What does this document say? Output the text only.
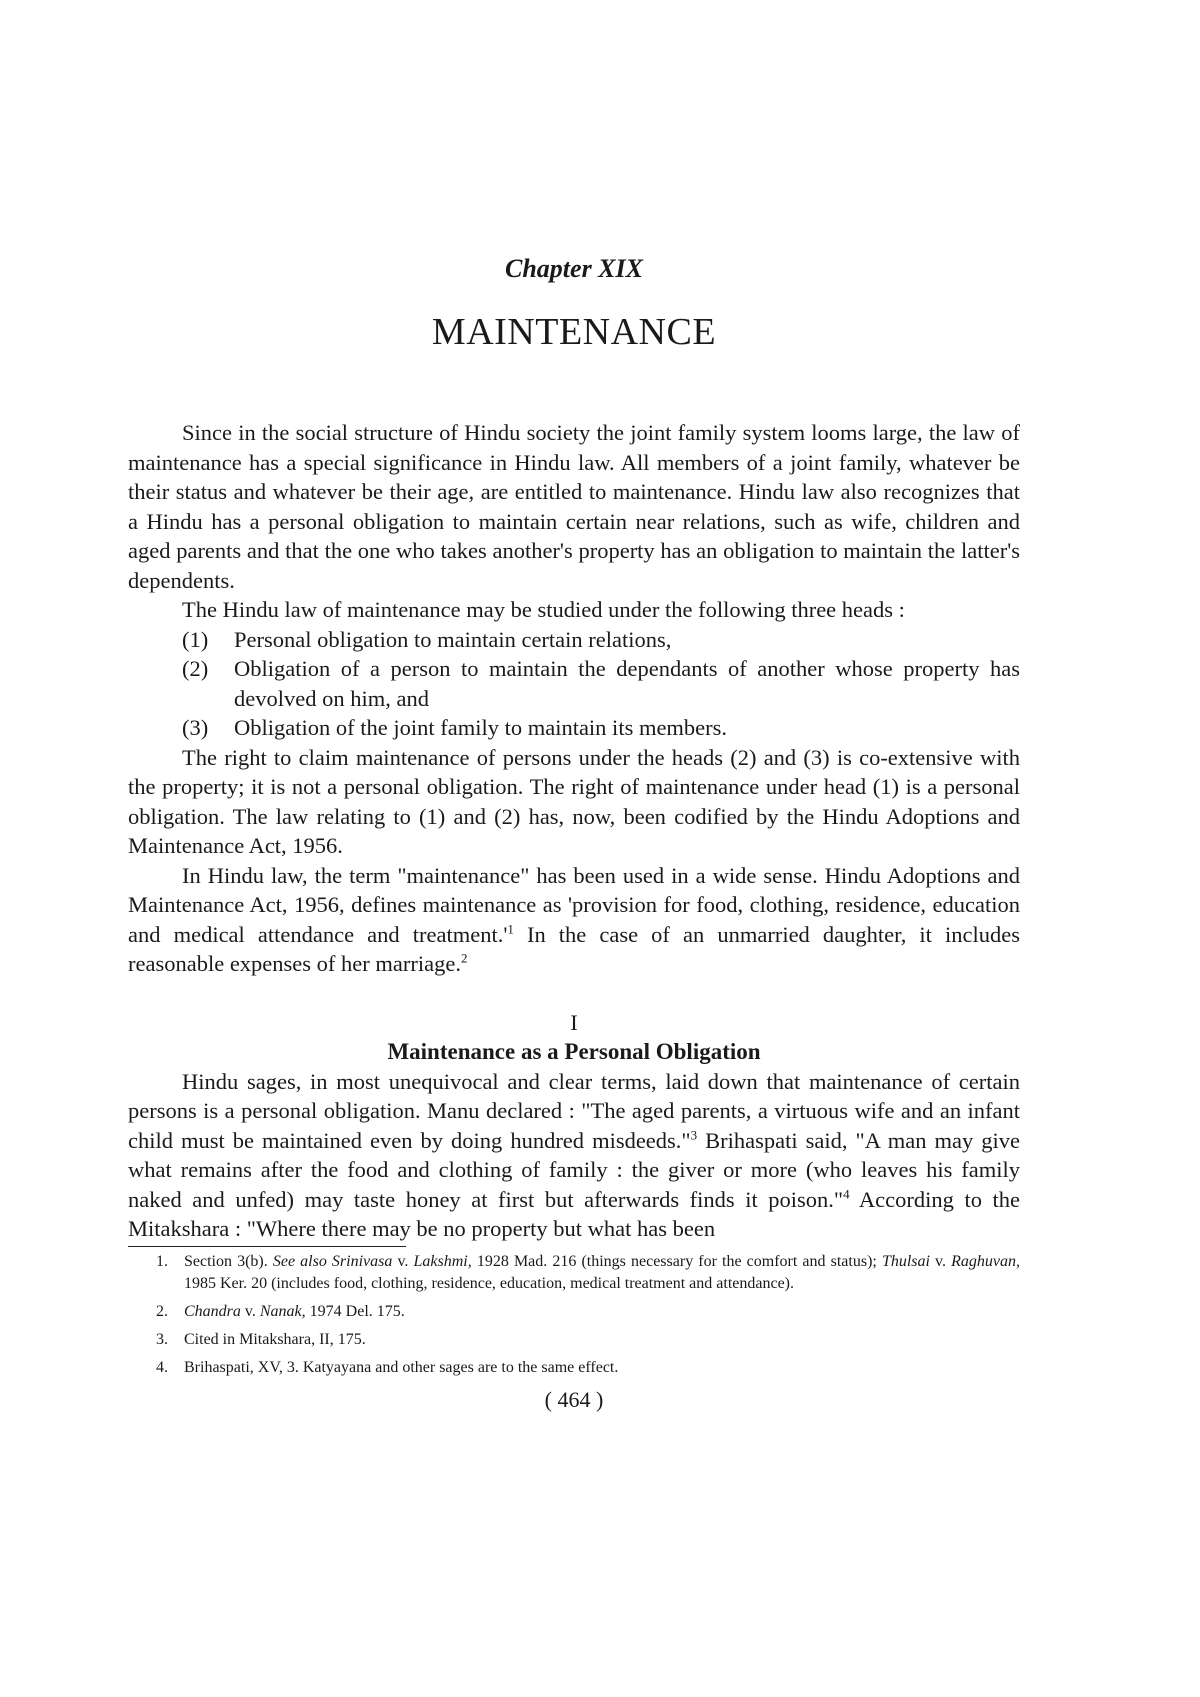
Chapter XIX
MAINTENANCE

Since in the social structure of Hindu society the joint family system looms large, the law of maintenance has a special significance in Hindu law. All members of a joint family, whatever be their status and whatever be their age, are entitled to maintenance. Hindu law also recognizes that a Hindu has a personal obligation to maintain certain near relations, such as wife, children and aged parents and that the one who takes another's property has an obligation to maintain the latter's dependents.

The Hindu law of maintenance may be studied under the following three heads :

(1)	Personal obligation to maintain certain relations,
(2)	Obligation of a person to maintain the dependants of another whose property has devolved on him, and
(3)	Obligation of the joint family to maintain its members.

The right to claim maintenance of persons under the heads (2) and (3) is co-extensive with the property; it is not a personal obligation. The right of maintenance under head (1) is a personal obligation. The law relating to (1) and (2) has, now, been codified by the Hindu Adoptions and Maintenance Act, 1956.

In Hindu law, the term "maintenance" has been used in a wide sense. Hindu Adoptions and Maintenance Act, 1956, defines maintenance as 'provision for food, clothing, residence, education and medical attendance and $treatment.'^1$ In the case of an unmarried daughter, it includes reasonable expenses of her marriage.$^2$

I
Maintenance as a Personal Obligation

Hindu sages, in most unequivocal and clear terms, laid down that maintenance of certain persons is a personal obligation. Manu declared : "The aged parents, a virtuous wife and an infant child must be maintained even by doing hundred misdeeds."$^3$ Brihaspati said, "A man may give what remains after the food and clothing of family : the giver or more (who leaves his family naked and unfed) may taste honey at first but afterwards finds it poison."$^4$ According to the Mitakshara : "Where there may be no property but what has been

1.	Section 3(b). See also Srinivasa v. Lakshmi, 1928 Mad. 216 (things necessary for the comfort and status); Thulsai v. Raghuvan, 1985 Ker. 20 (includes food, clothing, residence, education, medical treatment and attendance).
2.	Chandra v. Nanak, 1974 Del. 175.
3.	Cited in Mitakshara, II, 175.
4.	Brihaspati, XV, 3. Katyayana and other sages are to the same effect.
( 464 )
